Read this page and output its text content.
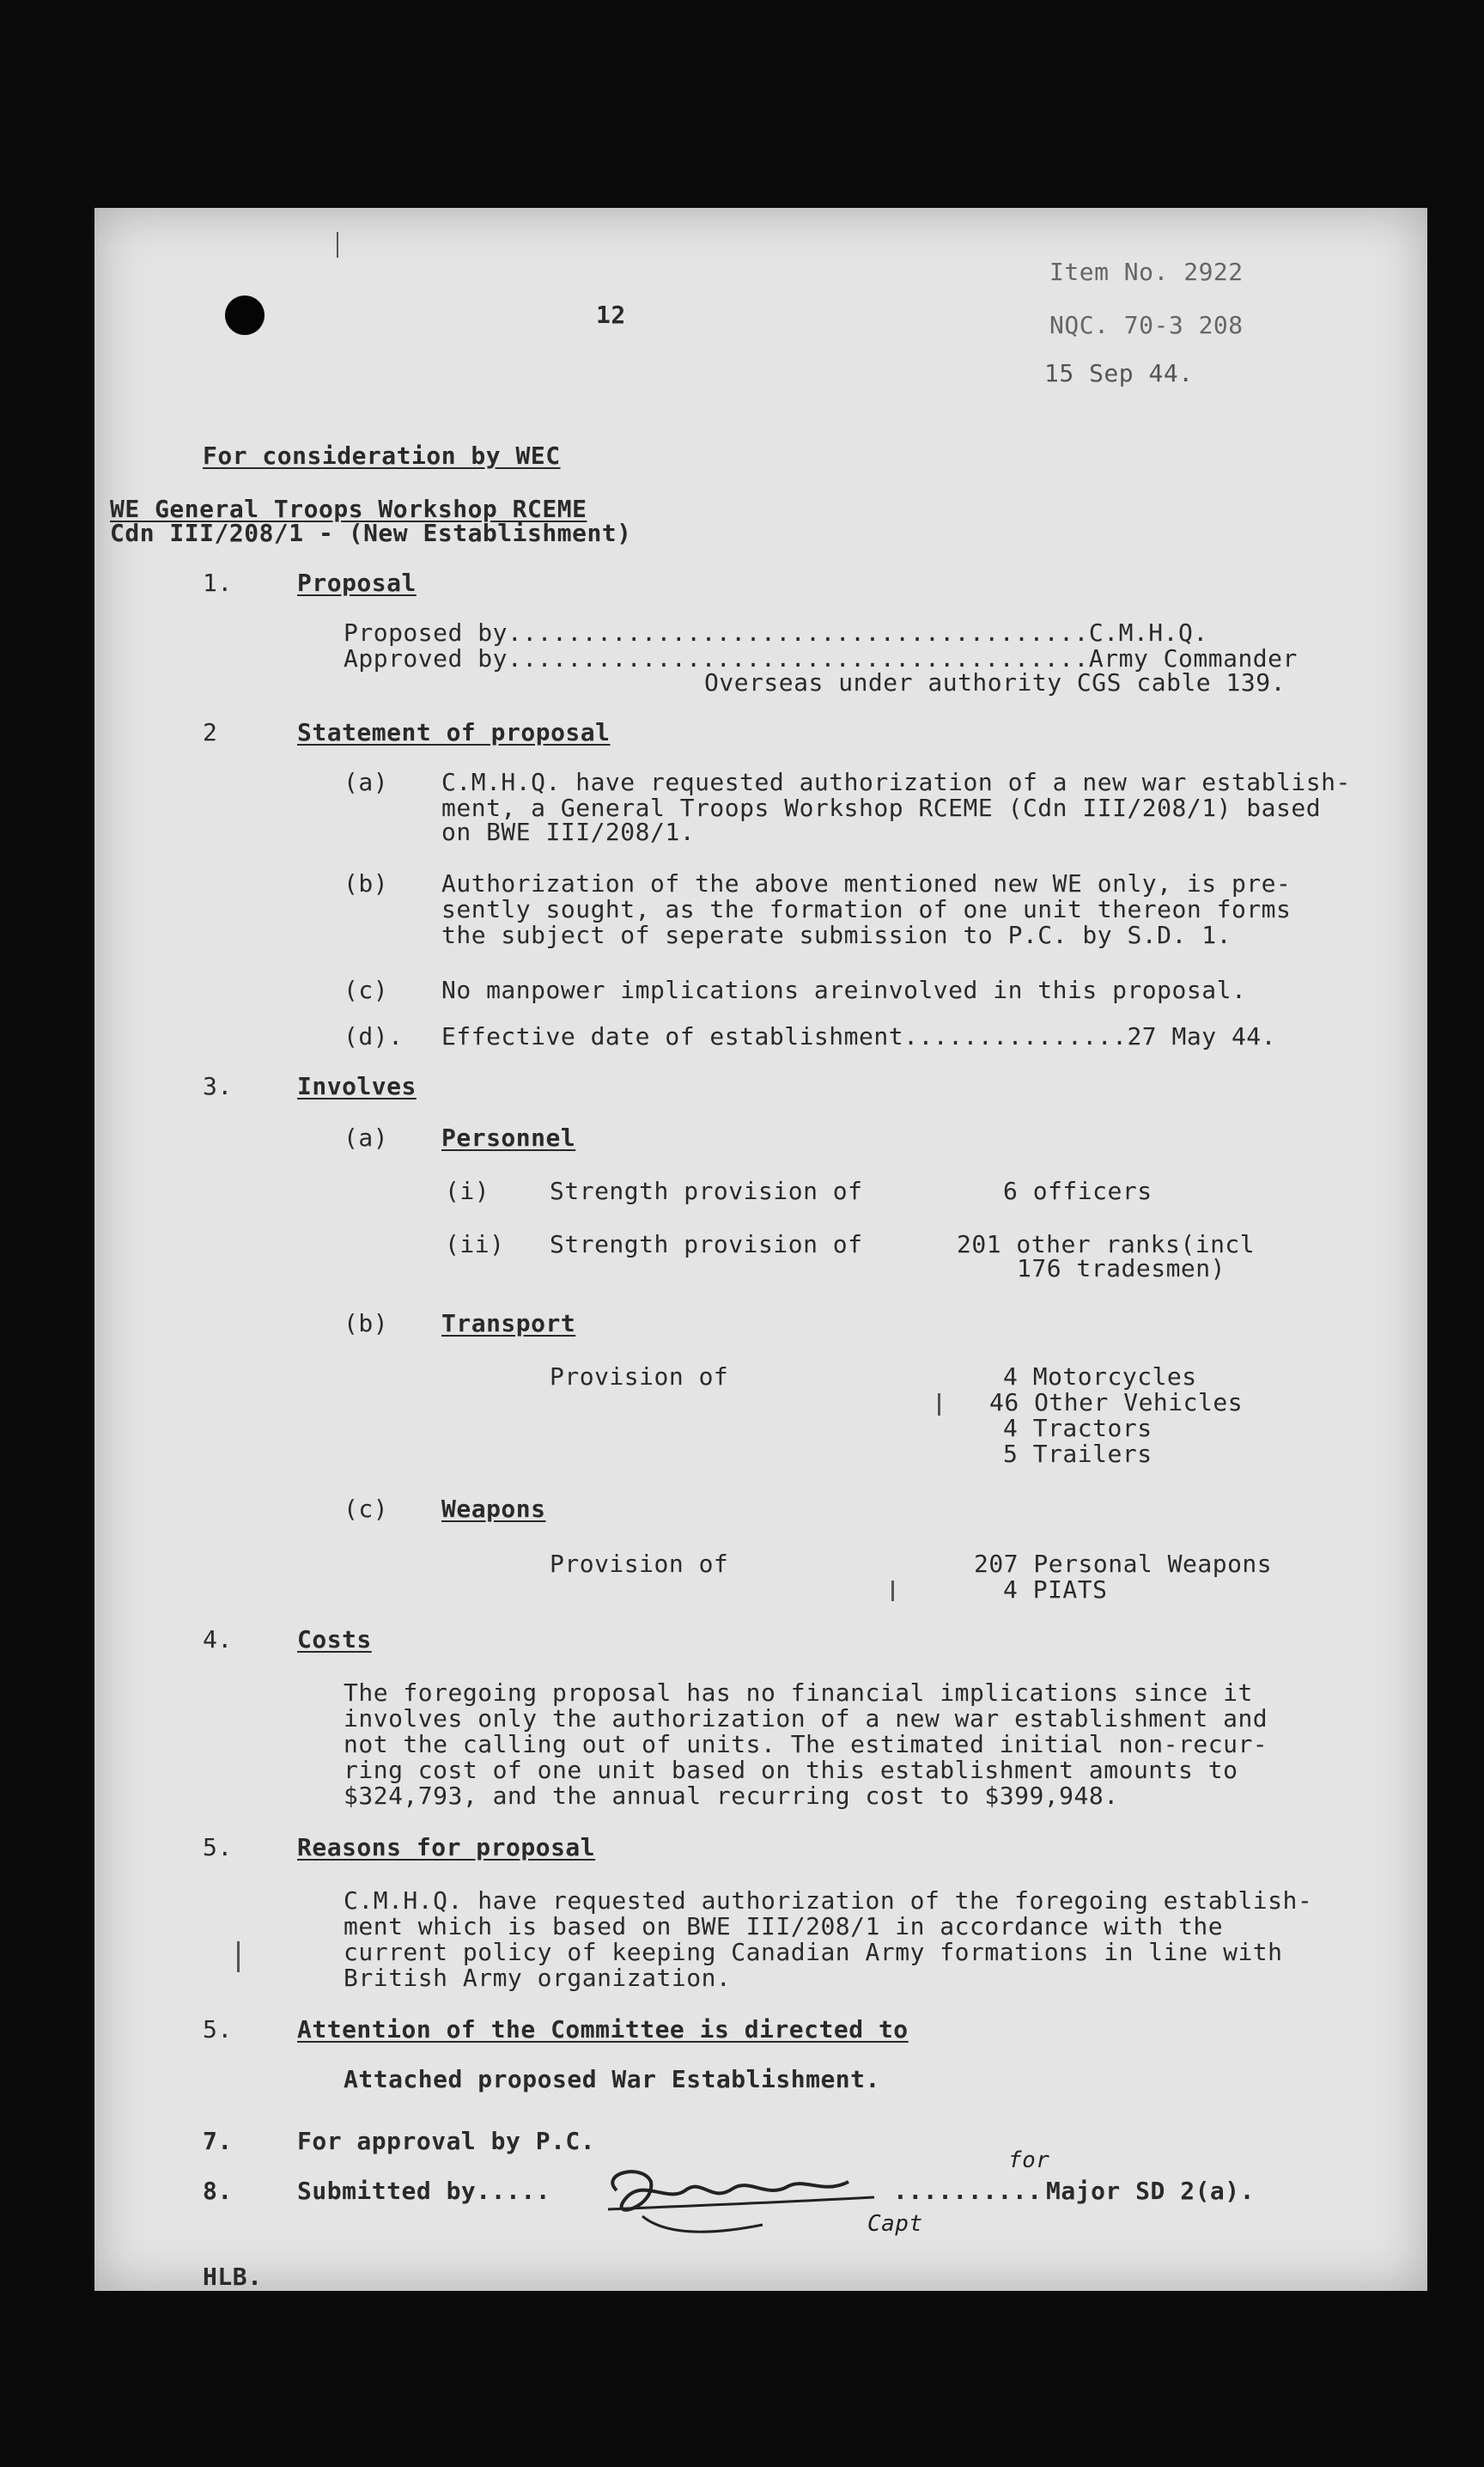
12
Item No. 2922
NQC. 70-3 208
15 Sep 44.
For consideration by WEC
WE General Troops Workshop RCEME
Cdn III/208/1 - (New Establishment)
1.	Proposal
Proposed by.......................................C.M.H.Q.
Approved by.......................................Army Commander
Overseas under authority CGS cable 139.
2	Statement of proposal
(a) C.M.H.Q. have requested authorization of a new war establish-
ment, a General Troops Workshop RCEME (Cdn III/208/1) based
on BWE III/208/1.
(b) Authorization of the above mentioned new WE only, is pre-
sently sought, as the formation of one unit thereon forms
the subject of seperate submission to P.C. by S.D. 1.
(c) No manpower implications areinvolved in this proposal.
(d). Effective date of establishment...............27 May 44.
3.	Involves
(a) Personnel
(i) Strength provision of	6 officers
(ii) Strength provision of	201 other ranks(incl
176 tradesmen)
(b) Transport
Provision of	4 Motorcycles
46 Other Vehicles
4 Tractors
5 Trailers
(c) Weapons
Provision of	207 Personal Weapons
4 PIATS
4.	Costs
The foregoing proposal has no financial implications since it
involves only the authorization of a new war establishment and
not the calling out of units. The estimated initial non-recur-
ring cost of one unit based on this establishment amounts to
$324,793, and the annual recurring cost to $399,948.
5.	Reasons for proposal
C.M.H.Q. have requested authorization of the foregoing establish-
ment which is based on BWE III/208/1 in accordance with the
current policy of keeping Canadian Army formations in line with
British Army organization.
5.	Attention of the Committee is directed to
Attached proposed War Establishment.
7.	For approval by P.C.
8.	Submitted by.....	.......... Major SD 2(a).
for
Capt
HLB.
